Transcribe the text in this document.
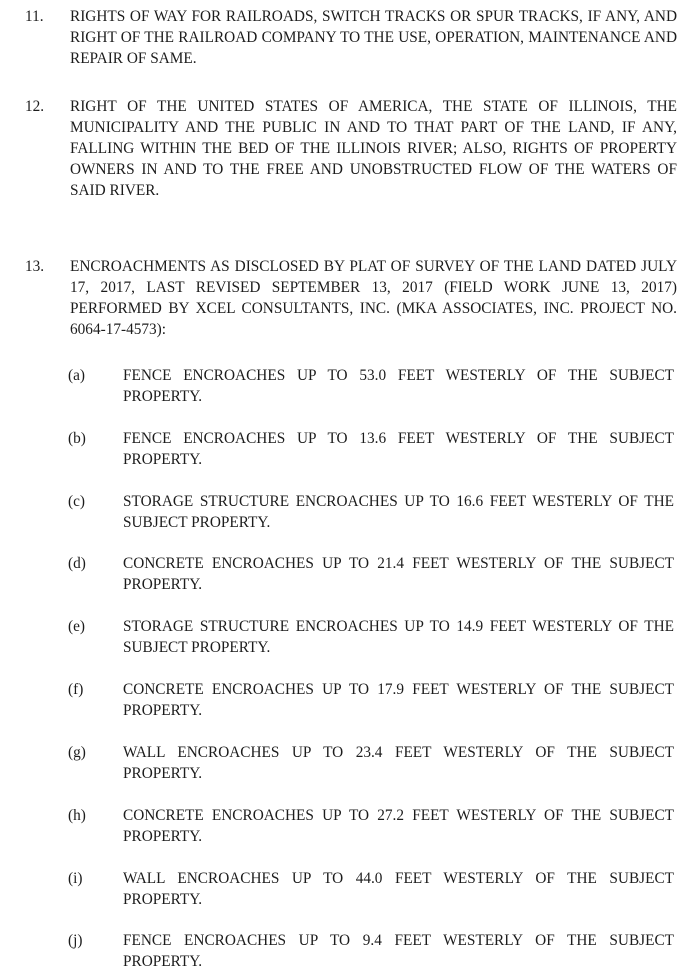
11. RIGHTS OF WAY FOR RAILROADS, SWITCH TRACKS OR SPUR TRACKS, IF ANY, AND RIGHT OF THE RAILROAD COMPANY TO THE USE, OPERATION, MAINTENANCE AND REPAIR OF SAME.
12. RIGHT OF THE UNITED STATES OF AMERICA, THE STATE OF ILLINOIS, THE MUNICIPALITY AND THE PUBLIC IN AND TO THAT PART OF THE LAND, IF ANY, FALLING WITHIN THE BED OF THE ILLINOIS RIVER; ALSO, RIGHTS OF PROPERTY OWNERS IN AND TO THE FREE AND UNOBSTRUCTED FLOW OF THE WATERS OF SAID RIVER.
13. ENCROACHMENTS AS DISCLOSED BY PLAT OF SURVEY OF THE LAND DATED JULY 17, 2017, LAST REVISED SEPTEMBER 13, 2017 (FIELD WORK JUNE 13, 2017) PERFORMED BY XCEL CONSULTANTS, INC. (MKA ASSOCIATES, INC. PROJECT NO. 6064-17-4573):
(a) FENCE ENCROACHES UP TO 53.0 FEET WESTERLY OF THE SUBJECT PROPERTY.
(b) FENCE ENCROACHES UP TO 13.6 FEET WESTERLY OF THE SUBJECT PROPERTY.
(c) STORAGE STRUCTURE ENCROACHES UP TO 16.6 FEET WESTERLY OF THE SUBJECT PROPERTY.
(d) CONCRETE ENCROACHES UP TO 21.4 FEET WESTERLY OF THE SUBJECT PROPERTY.
(e) STORAGE STRUCTURE ENCROACHES UP TO 14.9 FEET WESTERLY OF THE SUBJECT PROPERTY.
(f)	CONCRETE ENCROACHES UP TO 17.9 FEET WESTERLY OF THE SUBJECT PROPERTY.
(g) WALL ENCROACHES UP TO 23.4 FEET WESTERLY OF THE SUBJECT PROPERTY.
(h) CONCRETE ENCROACHES UP TO 27.2 FEET WESTERLY OF THE SUBJECT PROPERTY.
(i)	WALL ENCROACHES UP TO 44.0 FEET WESTERLY OF THE SUBJECT PROPERTY.
(j)	FENCE ENCROACHES UP TO 9.4 FEET WESTERLY OF THE SUBJECT PROPERTY.
